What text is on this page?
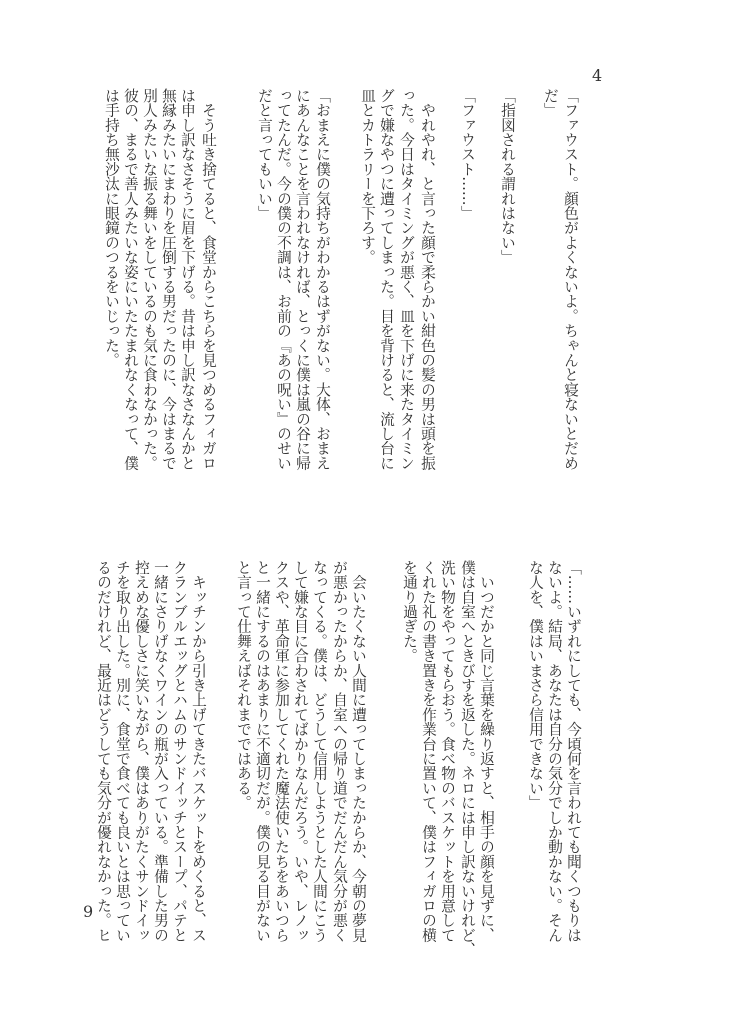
4
9
「ファウスト。顔色がよくないよ。ちゃんと寝ないとだめ
だ」
「指図される謂れはない」
「ファウスト……」
　やれやれ、と言った顔で柔らかい紺色の髪の男は頭を振
った。今日はタイミングが悪く、皿を下げに来たタイミン
グで嫌なやつに遭ってしまった。目を背けると、流し台に
皿とカトラリーを下ろす。
「おまえに僕の気持ちがわかるはずがない。大体、おまえ
にあんなことを言われなければ、とっくに僕は嵐の谷に帰
ってたんだ。今の僕の不調は、お前の『あの呪い』のせい
だと言ってもいい」
　そう吐き捨てると、食堂からこちらを見つめるフィガロ
は申し訳なさそうに眉を下げる。昔は申し訳なさなんかと
無縁みたいにまわりを圧倒する男だったのに、今はまるで
別人みたいな振る舞いをしているのも気に食わなかった。
彼の、まるで善人みたいな姿にいたたまれなくなって、僕
は手持ち無沙汰に眼鏡のつるをいじった。
「……いずれにしても、今頃何を言われても聞くつもりは
ないよ。結局、あなたは自分の気分でしか動かない。そん
な人を、僕はいまさら信用できない」
　いつだかと同じ言葉を繰り返すと、相手の顔を見ずに、
僕は自室へときびすを返した。ネロには申し訳ないけれど、
洗い物をやってもらおう。食べ物のバスケットを用意して
くれた礼の書き置きを作業台に置いて、僕はフィガロの横
を通り過ぎた。
　会いたくない人間に遭ってしまったからか、今朝の夢見
が悪かったからか、自室への帰り道でだんだん気分が悪く
なってくる。僕は、どうして信用しようとした人間にこう
して嫌な目に合わされてばかりなんだろう。いや、レノッ
クスや、革命軍に参加してくれた魔法使いたちをあいつら
と一緒にするのはあまりに不適切だが。僕の見る目がない
と言って仕舞えばそれまでではある。
　キッチンから引き上げてきたバスケットをめくると、ス
クランブルエッグとハムのサンドイッチとスープ、パテと
一緒にさりげなくワインの瓶が入っている。準備した男の
控えめな優しさに笑いながら、僕はありがたくサンドイッ
チを取り出した。別に、食堂で食べても良いとは思ってい
るのだけれど、最近はどうしても気分が優れなかった。ヒ
